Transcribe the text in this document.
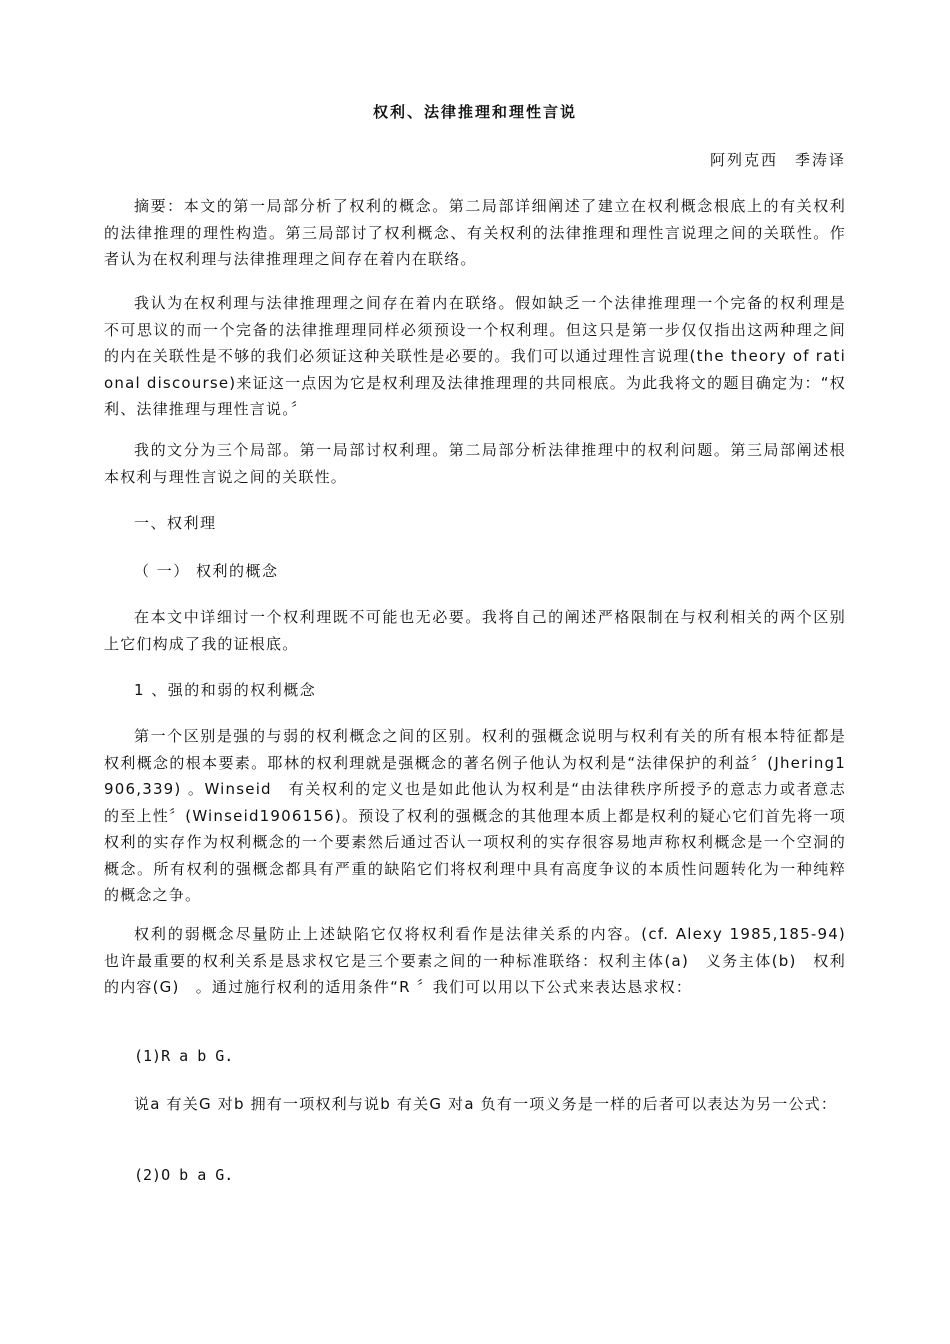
权利、法律推理和理性言说

阿列克西　季涛译

摘要：本文的第一局部分析了权利的概念。第二局部详细阐述了建立在权利概念根底上的有关权利的法律推理的理性构造。第三局部讨了权利概念、有关权利的法律推理和理性言说理之间的关联性。作者认为在权利理与法律推理理之间存在着内在联络。

我认为在权利理与法律推理理之间存在着内在联络。假如缺乏一个法律推理理一个完备的权利理是不可思议的而一个完备的法律推理理同样必须预设一个权利理。但这只是第一步仅仅指出这两种理之间的内在关联性是不够的我们必须证这种关联性是必要的。我们可以通过理性言说理(the theory of rational discourse)来证这一点因为它是权利理及法律推理理的共同根底。为此我将文的题目确定为：“权利、法律推理与理性言说。〞

我的文分为三个局部。第一局部讨权利理。第二局部分析法律推理中的权利问题。第三局部阐述根本权利与理性言说之间的关联性。

一、权利理

（ 一） 权利的概念

在本文中详细讨一个权利理既不可能也无必要。我将自己的阐述严格限制在与权利相关的两个区别上它们构成了我的证根底。

1 、强的和弱的权利概念

第一个区别是强的与弱的权利概念之间的区别。权利的强概念说明与权利有关的所有根本特征都是权利概念的根本要素。耶林的权利理就是强概念的著名例子他认为权利是“法律保护的利益〞(Jhering1906,339) 。Winseid　有关权利的定义也是如此他认为权利是“由法律秩序所授予的意志力或者意志的至上性〞(Winseid1906156)。预设了权利的强概念的其他理本质上都是权利的疑心它们首先将一项权利的实存作为权利概念的一个要素然后通过否认一项权利的实存很容易地声称权利概念是一个空洞的概念。所有权利的强概念都具有严重的缺陷它们将权利理中具有高度争议的本质性问题转化为一种纯粹的概念之争。

权利的弱概念尽量防止上述缺陷它仅将权利看作是法律关系的内容。(cf. Alexy 1985,185-94)　也许最重要的权利关系是恳求权它是三个要素之间的一种标准联络：权利主体(a)　义务主体(b)　权利的内容(G)　。通过施行权利的适用条件“R 〞我们可以用以下公式来表达恳求权：

(1)R a b G.

说a 有关G 对b 拥有一项权利与说b 有关G 对a 负有一项义务是一样的后者可以表达为另一公式：

(2)O b a G.
